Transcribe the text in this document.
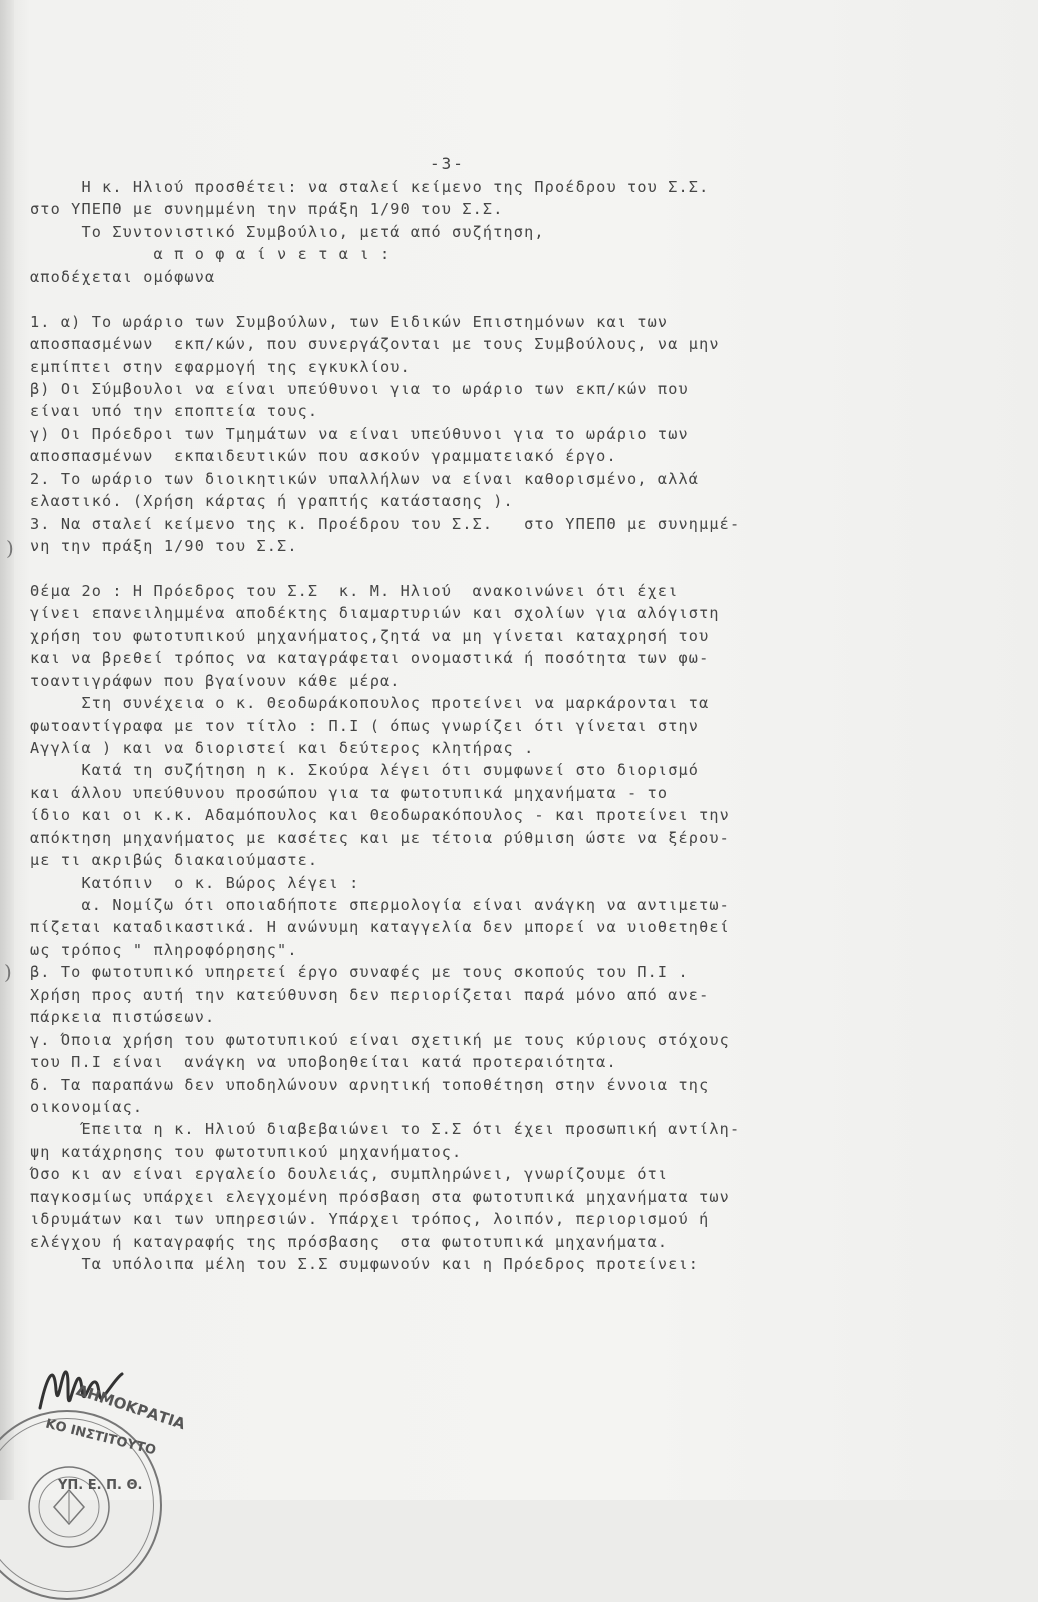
-3-
Η κ. Ηλιού προσθέτει: να σταλεί κείμενο της Προέδρου του Σ.Σ.
στο ΥΠΕΠΘ με συνημμένη την πράξη 1/90 του Σ.Σ.
Το Συντονιστικό Συμβούλιο, μετά από συζήτηση,
α π ο φ α ί ν ε τ α ι :
αποδέχεται ομόφωνα
1. α) Το ωράριο των Συμβούλων, των Ειδικών Επιστημόνων και των
αποσπασμένων  εκπ/κών, που συνεργάζονται με τους Συμβούλους, να μην
εμπίπτει στην εφαρμογή της εγκυκλίου.
β) Οι Σύμβουλοι να είναι υπεύθυνοι για το ωράριο των εκπ/κών που
είναι υπό την εποπτεία τους.
γ) Οι Πρόεδροι των Τμημάτων να είναι υπεύθυνοι για το ωράριο των
αποσπασμένων  εκπαιδευτικών που ασκούν γραμματειακό έργο.
2. Το ωράριο των διοικητικών υπαλλήλων να είναι καθορισμένο, αλλά
ελαστικό. (Χρήση κάρτας ή γραπτής κατάστασης ).
3. Να σταλεί κείμενο της κ. Προέδρου του Σ.Σ.   στο ΥΠΕΠΘ με συνημμέ-
νη την πράξη 1/90 του Σ.Σ.
Θέμα 2ο : Η Πρόεδρος του Σ.Σ  κ. Μ. Ηλιού  ανακοινώνει ότι έχει
γίνει επανειλημμένα αποδέκτης διαμαρτυριών και σχολίων για αλόγιστη
χρήση του φωτοτυπικού μηχανήματος,ζητά να μη γίνεται καταχρησή του
και να βρεθεί τρόπος να καταγράφεται ονομαστικά ή ποσότητα των φω-
τοαντιγράφων που βγαίνουν κάθε μέρα.
Στη συνέχεια ο κ. Θεοδωράκοπουλος προτείνει να μαρκάρονται τα
φωτοαντίγραφα με τον τίτλο : Π.Ι ( όπως γνωρίζει ότι γίνεται στην
Αγγλία ) και να διοριστεί και δεύτερος κλητήρας .
Κατά τη συζήτηση η κ. Σκούρα λέγει ότι συμφωνεί στο διορισμό
και άλλου υπεύθυνου προσώπου για τα φωτοτυπικά μηχανήματα - το
ίδιο και οι κ.κ. Αδαμόπουλος και Θεοδωρακόπουλος - και προτείνει την
απόκτηση μηχανήματος με κασέτες και με τέτοια ρύθμιση ώστε να ξέρου-
με τι ακριβώς διακαιούμαστε.
Κατόπιν  ο κ. Βώρος λέγει :
α. Νομίζω ότι οποιαδήποτε σπερμολογία είναι ανάγκη να αντιμετω-
πίζεται καταδικαστικά. Η ανώνυμη καταγγελία δεν μπορεί να υιοθετηθεί
ως τρόπος " πληροφόρησης".
β. Το φωτοτυπικό υπηρετεί έργο συναφές με τους σκοπούς του Π.Ι .
Χρήση προς αυτή την κατεύθυνση δεν περιορίζεται παρά μόνο από ανε-
πάρκεια πιστώσεων.
γ. Όποια χρήση του φωτοτυπικού είναι σχετική με τους κύριους στόχους
του Π.Ι είναι  ανάγκη να υποβοηθείται κατά προτεραιότητα.
δ. Τα παραπάνω δεν υποδηλώνουν αρνητική τοποθέτηση στην έννοια της
οικονομίας.
Έπειτα η κ. Ηλιού διαβεβαιώνει το Σ.Σ ότι έχει προσωπική αντίλη-
ψη κατάχρησης του φωτοτυπικού μηχανήματος.
Όσο κι αν είναι εργαλείο δουλειάς, συμπληρώνει, γνωρίζουμε ότι
παγκοσμίως υπάρχει ελεγχομένη πρόσβαση στα φωτοτυπικά μηχανήματα των
ιδρυμάτων και των υπηρεσιών. Υπάρχει τρόπος, λοιπόν, περιορισμού ή
ελέγχου ή καταγραφής της πρόσβασης  στα φωτοτυπικά μηχανήματα.
Τα υπόλοιπα μέλη του Σ.Σ συμφωνούν και η Πρόεδρος προτείνει:
)
)
ΔΗΜΟΚΡΑΤΙΑ
ΚΟ ΙΝΣΤΙΤΟΥΤΟ
ΥΠ. Ε. Π. Θ.
